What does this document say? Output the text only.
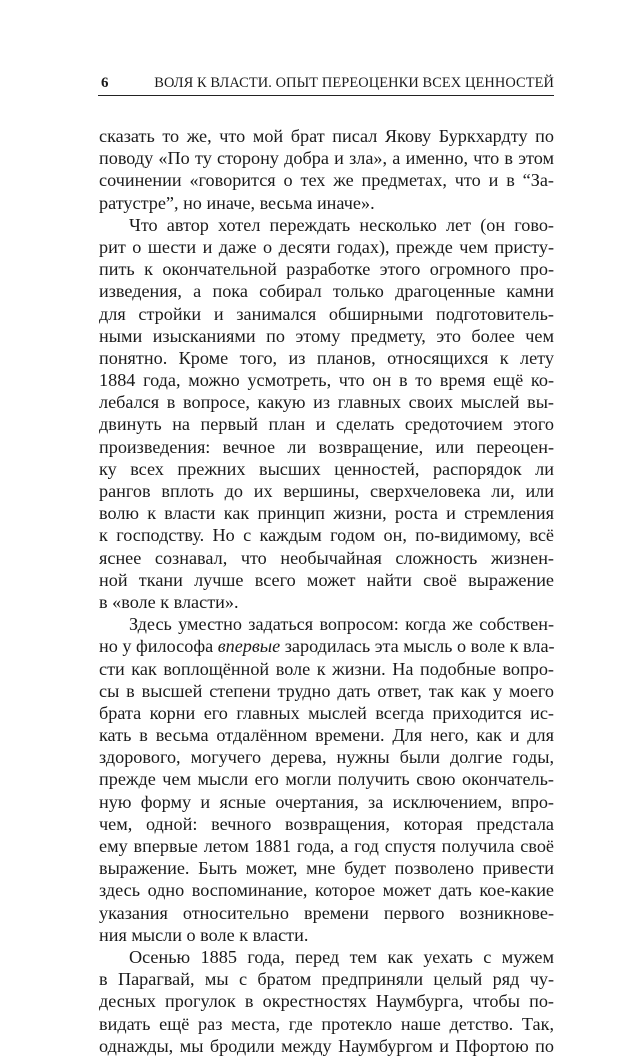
6	ВОЛЯ К ВЛАСТИ. ОПЫТ ПЕРЕОЦЕНКИ ВСЕХ ЦЕННОСТЕЙ
сказать то же, что мой брат писал Якову Буркхардту по
поводу «По ту сторону добра и зла», а именно, что в этом
сочинении «говорится о тех же предметах, что и в “За-
ратустре”, но иначе, весьма иначе».
Что автор хотел переждать несколько лет (он гово-
рит о шести и даже о десяти годах), прежде чем присту-
пить к окончательной разработке этого огромного про-
изведения, а пока собирал только драгоценные камни
для стройки и занимался обширными подготовитель-
ными изысканиями по этому предмету, это более чем
понятно. Кроме того, из планов, относящихся к лету
1884 года, можно усмотреть, что он в то время ещё ко-
лебался в вопросе, какую из главных своих мыслей вы-
двинуть на первый план и сделать средоточием этого
произведения: вечное ли возвращение, или переоцен-
ку всех прежних высших ценностей, распорядок ли
рангов вплоть до их вершины, сверхчеловека ли, или
волю к власти как принцип жизни, роста и стремления
к господству. Но с каждым годом он, по-видимому, всё
яснее сознавал, что необычайная сложность жизнен-
ной ткани лучше всего может найти своё выражение
в «воле к власти».
Здесь уместно задаться вопросом: когда же собствен-
но у философа впервые зародилась эта мысль о воле к вла-
сти как воплощённой воле к жизни. На подобные вопро-
сы в высшей степени трудно дать ответ, так как у моего
брата корни его главных мыслей всегда приходится ис-
кать в весьма отдалённом времени. Для него, как и для
здорового, могучего дерева, нужны были долгие годы,
прежде чем мысли его могли получить свою окончатель-
ную форму и ясные очертания, за исключением, впро-
чем, одной: вечного возвращения, которая предстала
ему впервые летом 1881 года, а год спустя получила своё
выражение. Быть может, мне будет позволено привести
здесь одно воспоминание, которое может дать кое-какие
указания относительно времени первого возникнове-
ния мысли о воле к власти.
Осенью 1885 года, перед тем как уехать с мужем
в Парагвай, мы с братом предприняли целый ряд чу-
десных прогулок в окрестностях Наумбурга, чтобы по-
видать ещё раз места, где протекло наше детство. Так,
однажды, мы бродили между Наумбургом и Пфортою по
